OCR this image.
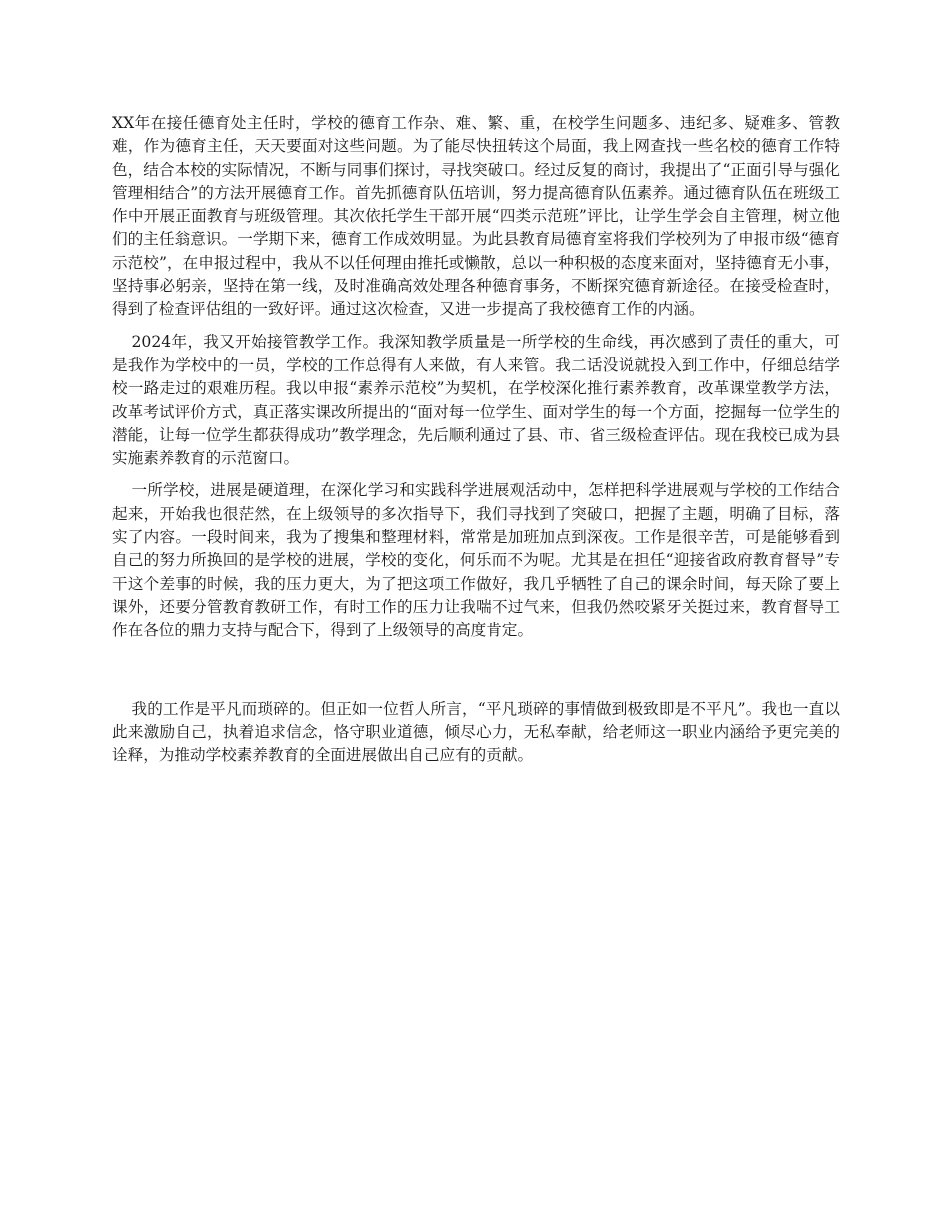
XX年在接任德育处主任时，学校的德育工作杂、难、繁、重，在校学生问题多、违纪多、疑难多、管教难，作为德育主任，天天要面对这些问题。为了能尽快扭转这个局面，我上网查找一些名校的德育工作特色，结合本校的实际情况，不断与同事们探讨，寻找突破口。经过反复的商讨，我提出了“正面引导与强化管理相结合”的方法开展德育工作。首先抓德育队伍培训，努力提高德育队伍素养。通过德育队伍在班级工作中开展正面教育与班级管理。其次依托学生干部开展“四类示范班”评比，让学生学会自主管理，树立他们的主任翁意识。一学期下来，德育工作成效明显。为此县教育局德育室将我们学校列为了申报市级“德育示范校”，在申报过程中，我从不以任何理由推托或懒散，总以一种积极的态度来面对，坚持德育无小事，坚持事必躬亲，坚持在第一线，及时准确高效处理各种德育事务，不断探究德育新途径。在接受检查时，得到了检查评估组的一致好评。通过这次检查，又进一步提高了我校德育工作的内涵。

2024年，我又开始接管教学工作。我深知教学质量是一所学校的生命线，再次感到了责任的重大，可是我作为学校中的一员，学校的工作总得有人来做，有人来管。我二话没说就投入到工作中，仔细总结学校一路走过的艰难历程。我以申报“素养示范校”为契机，在学校深化推行素养教育，改革课堂教学方法，改革考试评价方式，真正落实课改所提出的“面对每一位学生、面对学生的每一个方面，挖掘每一位学生的潜能，让每一位学生都获得成功”教学理念，先后顺利通过了县、市、省三级检查评估。现在我校已成为县实施素养教育的示范窗口。

一所学校，进展是硬道理，在深化学习和实践科学进展观活动中，怎样把科学进展观与学校的工作结合起来，开始我也很茫然，在上级领导的多次指导下，我们寻找到了突破口，把握了主题，明确了目标，落实了内容。一段时间来，我为了搜集和整理材料，常常是加班加点到深夜。工作是很辛苦，可是能够看到自己的努力所换回的是学校的进展，学校的变化，何乐而不为呢。尤其是在担任“迎接省政府教育督导”专干这个差事的时候，我的压力更大，为了把这项工作做好，我几乎牺牲了自己的课余时间，每天除了要上课外，还要分管教育教研工作，有时工作的压力让我喘不过气来，但我仍然咬紧牙关挺过来，教育督导工作在各位的鼎力支持与配合下，得到了上级领导的高度肯定。

我的工作是平凡而琐碎的。但正如一位哲人所言，“平凡琐碎的事情做到极致即是不平凡”。我也一直以此来激励自己，执着追求信念，恪守职业道德，倾尽心力，无私奉献，给老师这一职业内涵给予更完美的诠释，为推动学校素养教育的全面进展做出自己应有的贡献。
